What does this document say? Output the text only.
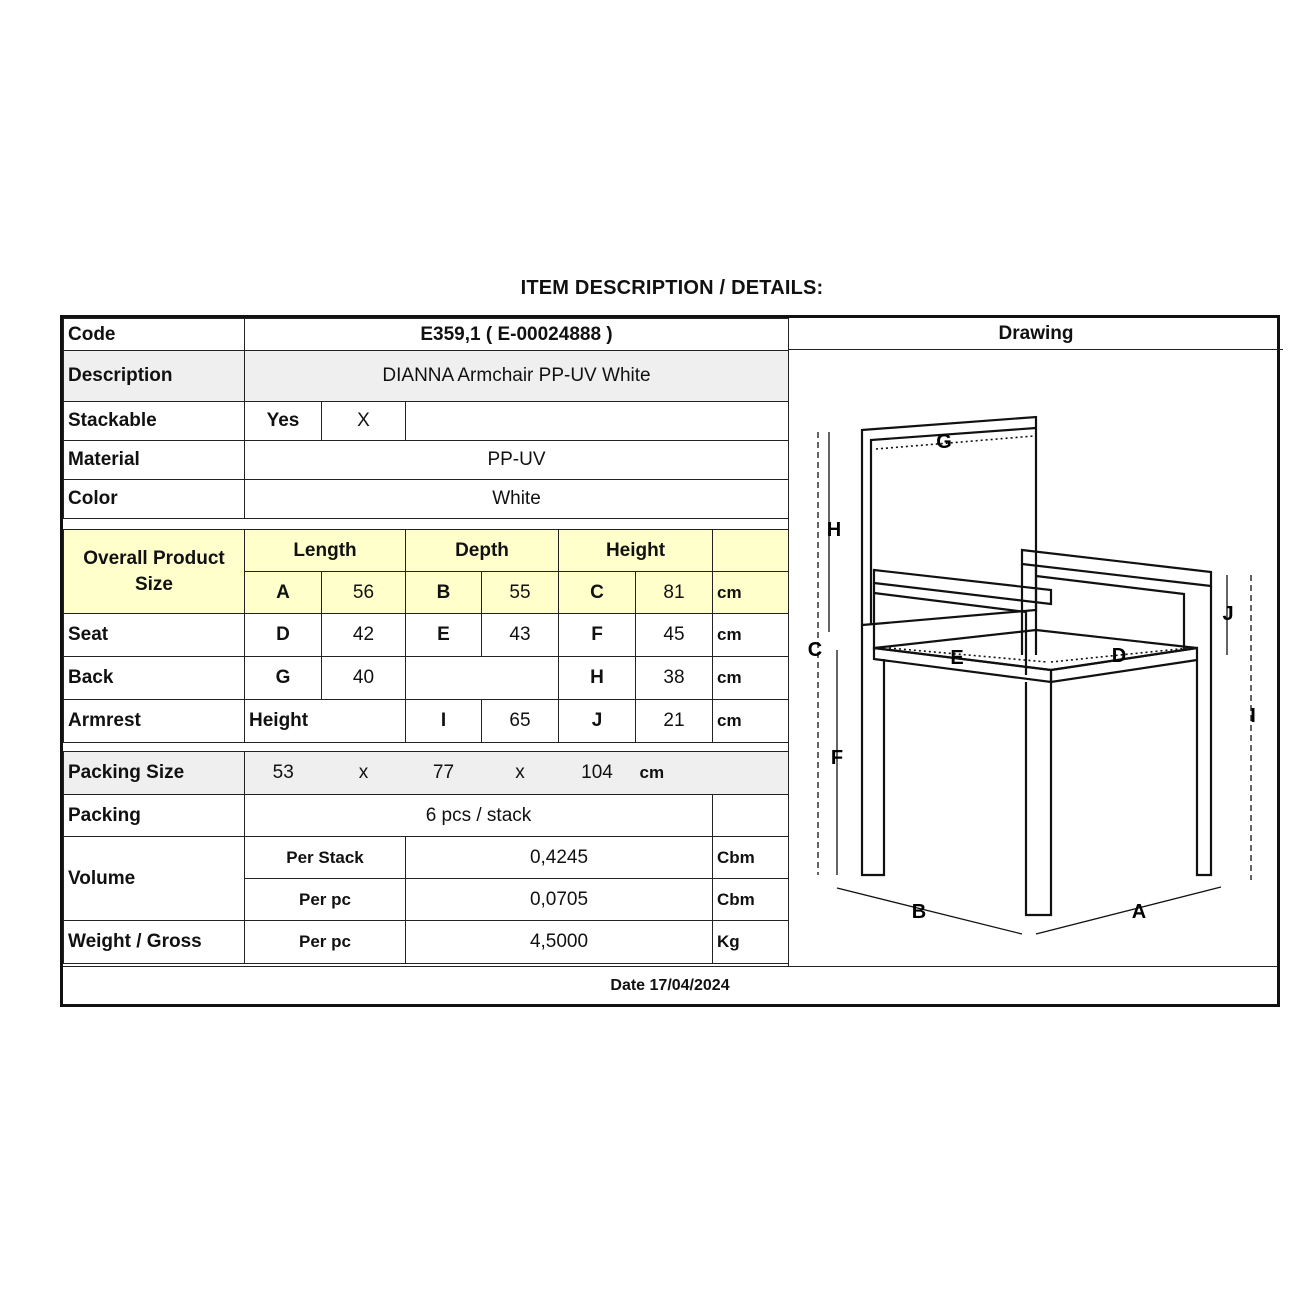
ITEM DESCRIPTION / DETAILS:
Code	E359,1 ( E-00024888 )						
Description	DIANNA Armchair PP-UV White						
Stackable	Yes	X					
Material	PP-UV						
Color	White						

Overall Product Size	Length		Depth		Height		
	A	56	B	55	C	81	cm
Seat	D	42	E	43	F	45	cm
Back	G	40			H	38	cm
Armrest	Height		I	65	J	21	cm

Packing Size	53	x	77	x	104	cm	
Packing	6 pcs / stack						
Volume	Per Stack		0,4245				Cbm
	Per pc		0,0705				Cbm
Weight / Gross	Per pc		4,5000				Kg
Drawing
G
H
C
F
J
I
E	D
B	A
Date 17/04/2024
